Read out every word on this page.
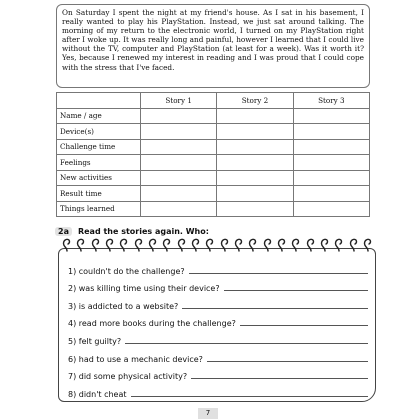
On Saturday I spent the night at my friend's house. As I sat in his basement, I really wanted to play his PlayStation. Instead, we just sat around talking. The morning of my return to the electronic world, I turned on my PlayStation right after I woke up. It was really long and painful, however I learned that I could live without the TV, computer and PlayStation (at least for a week). Was it worth it? Yes, because I renewed my interest in reading and I was proud that I could cope with the stress that I've faced.

	Story 1	Story 2	Story 3
Name / age			
Device(s)			
Challenge time			
Feelings			
New activities			
Result time			
Things learned			
2a	Read the stories again. Who:
1) couldn't do the challenge?
2) was killing time using their device?
3) is addicted to a website?
4) read more books during the challenge?
5) felt guilty?
6) had to use a mechanic device?
7) did some physical activity?
8) didn't cheat
7
